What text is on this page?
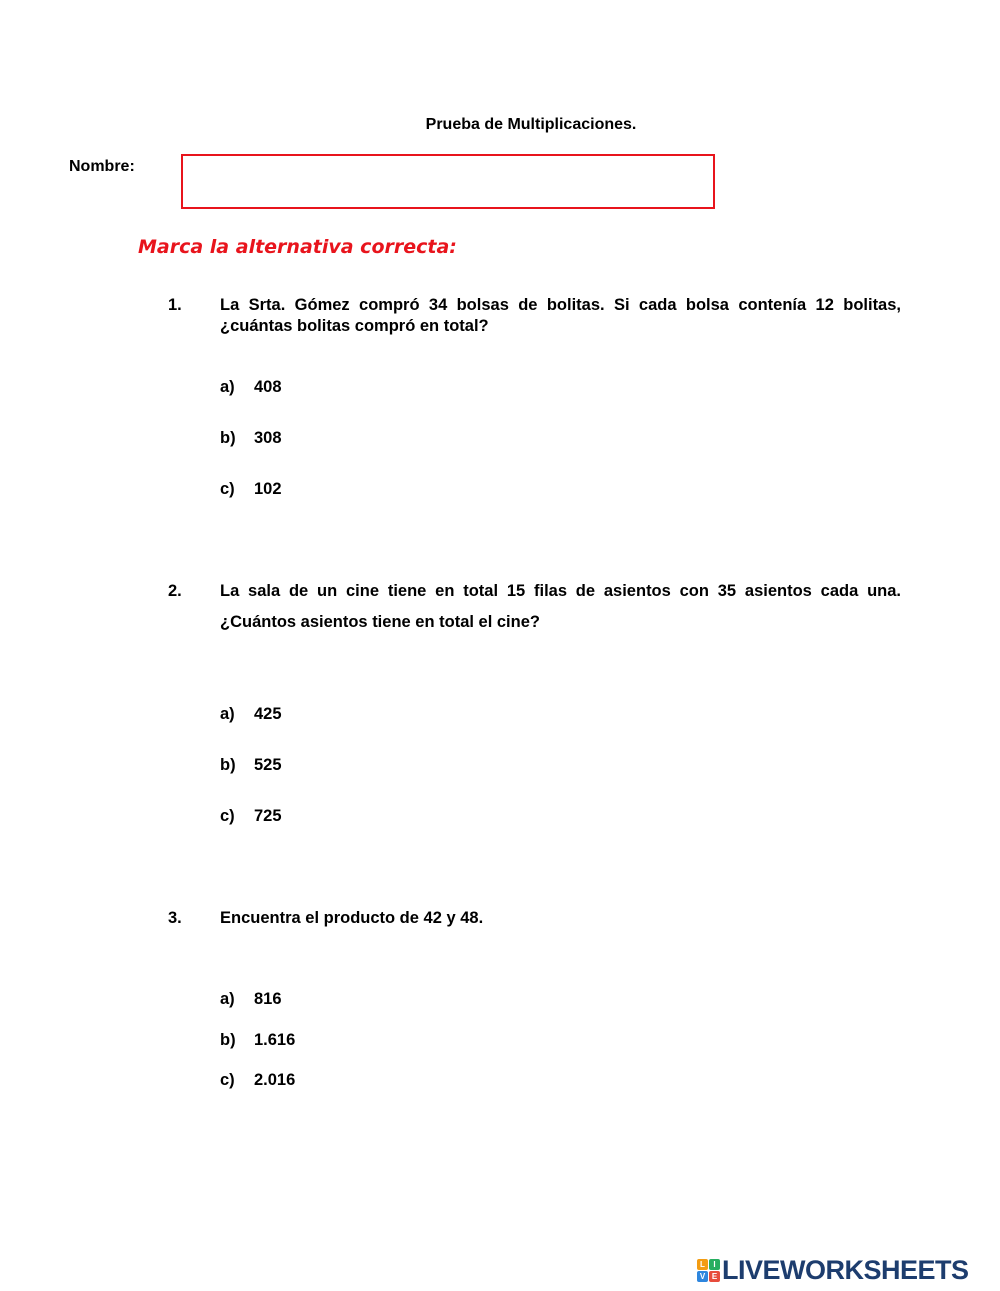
Prueba de Multiplicaciones.
Nombre:
Marca la alternativa correcta:
1. La Srta. Gómez compró 34 bolsas de bolitas. Si cada bolsa contenía 12 bolitas,
¿cuántas bolitas compró en total?
a) 408
b) 308
c) 102
2. La sala de un cine tiene en total 15 filas de asientos con 35 asientos cada una.
¿Cuántos asientos tiene en total el cine?
a) 425
b) 525
c) 725
3. Encuentra el producto de 42 y 48.
a) 816
b) 1.616
c) 2.016
L	I
V E LIVEWORKSHEETS
